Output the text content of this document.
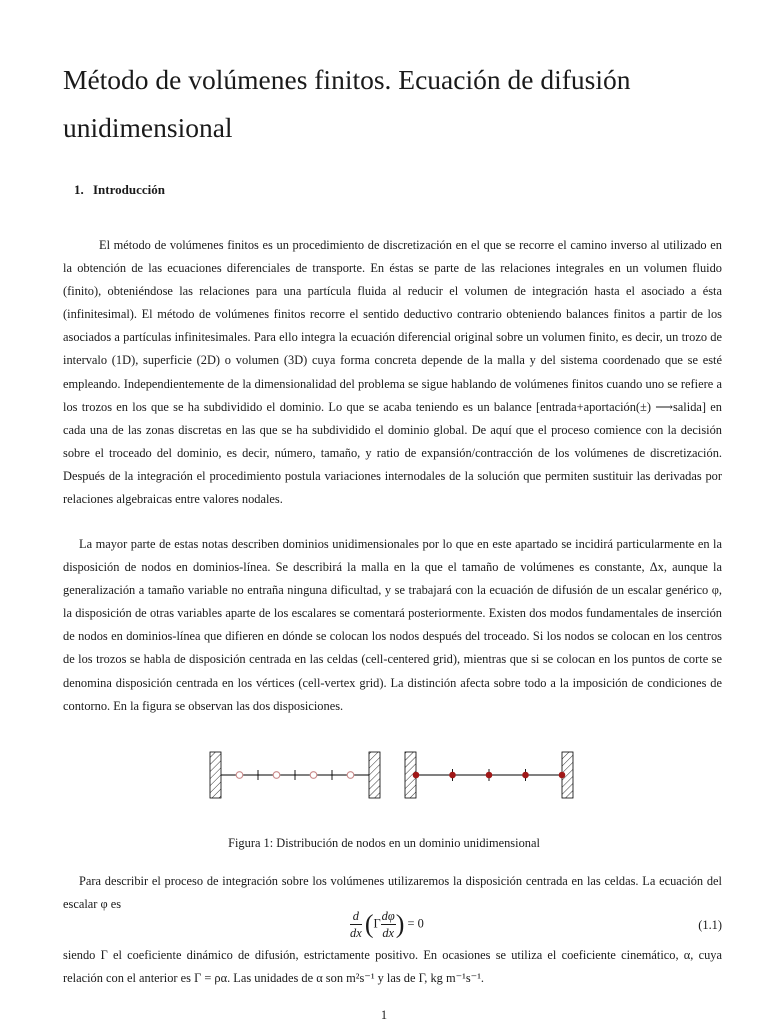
Método de volúmenes finitos. Ecuación de difusión unidimensional
1. Introducción

El método de volúmenes finitos es un procedimiento de discretización en el que se recorre el camino inverso al utilizado en la obtención de las ecuaciones diferenciales de transporte. En éstas se parte de las relaciones integrales en un volumen fluido (finito), obteniéndose las relaciones para una partícula fluida al reducir el volumen de integración hasta el asociado a ésta (infinitesimal). El método de volúmenes finitos recorre el sentido deductivo contrario obteniendo balances finitos a partir de los asociados a partículas infinitesimales. Para ello integra la ecuación diferencial original sobre un volumen finito, es decir, un trozo de intervalo (1D), superficie (2D) o volumen (3D) cuya forma concreta depende de la malla y del sistema coordenado que se esté empleando. Independientemente de la dimensionalidad del problema se sigue hablando de volúmenes finitos cuando uno se refiere a los trozos en los que se ha subdividido el dominio. Lo que se acaba teniendo es un balance [entrada+aportación(±) ⟶salida] en cada una de las zonas discretas en las que se ha subdividido el dominio global. De aquí que el proceso comience con la decisión sobre el troceado del dominio, es decir, número, tamaño, y ratio de expansión/contracción de los volúmenes de discretización. Después de la integración el procedimiento postula variaciones internodales de la solución que permiten sustituir las derivadas por relaciones algebraicas entre valores nodales.

La mayor parte de estas notas describen dominios unidimensionales por lo que en este apartado se incidirá particularmente en la disposición de nodos en dominios-línea. Se describirá la malla en la que el tamaño de volúmenes es constante, Δx, aunque la generalización a tamaño variable no entraña ninguna dificultad, y se trabajará con la ecuación de difusión de un escalar genérico φ, la disposición de otras variables aparte de los escalares se comentará posteriormente. Existen dos modos fundamentales de inserción de nodos en dominios-línea que difieren en dónde se colocan los nodos después del troceado. Si los nodos se colocan en los centros de los trozos se habla de disposición centrada en las celdas (cell-centered grid), mientras que si se colocan en los puntos de corte se denomina disposición centrada en los vértices (cell-vertex grid). La distinción afecta sobre todo a la imposición de condiciones de contorno. En la figura se observan las dos disposiciones.

Figura 1: Distribución de nodos en un dominio unidimensional

Para describir el proceso de integración sobre los volúmenes utilizaremos la disposición centrada en las celdas. La ecuación del escalar φ es

$\frac{d}{dx} (\Gamma \frac{d\varphi}{dx}$ ) = 0	(1.1)

siendo Γ el coeficiente dinámico de difusión, estrictamente positivo. En ocasiones se utiliza el coeficiente cinemático, α, cuya relación con el anterior es Γ = ρα. Las unidades de α son m²s⁻¹ y las de Γ, kg m⁻¹s⁻¹.

1
